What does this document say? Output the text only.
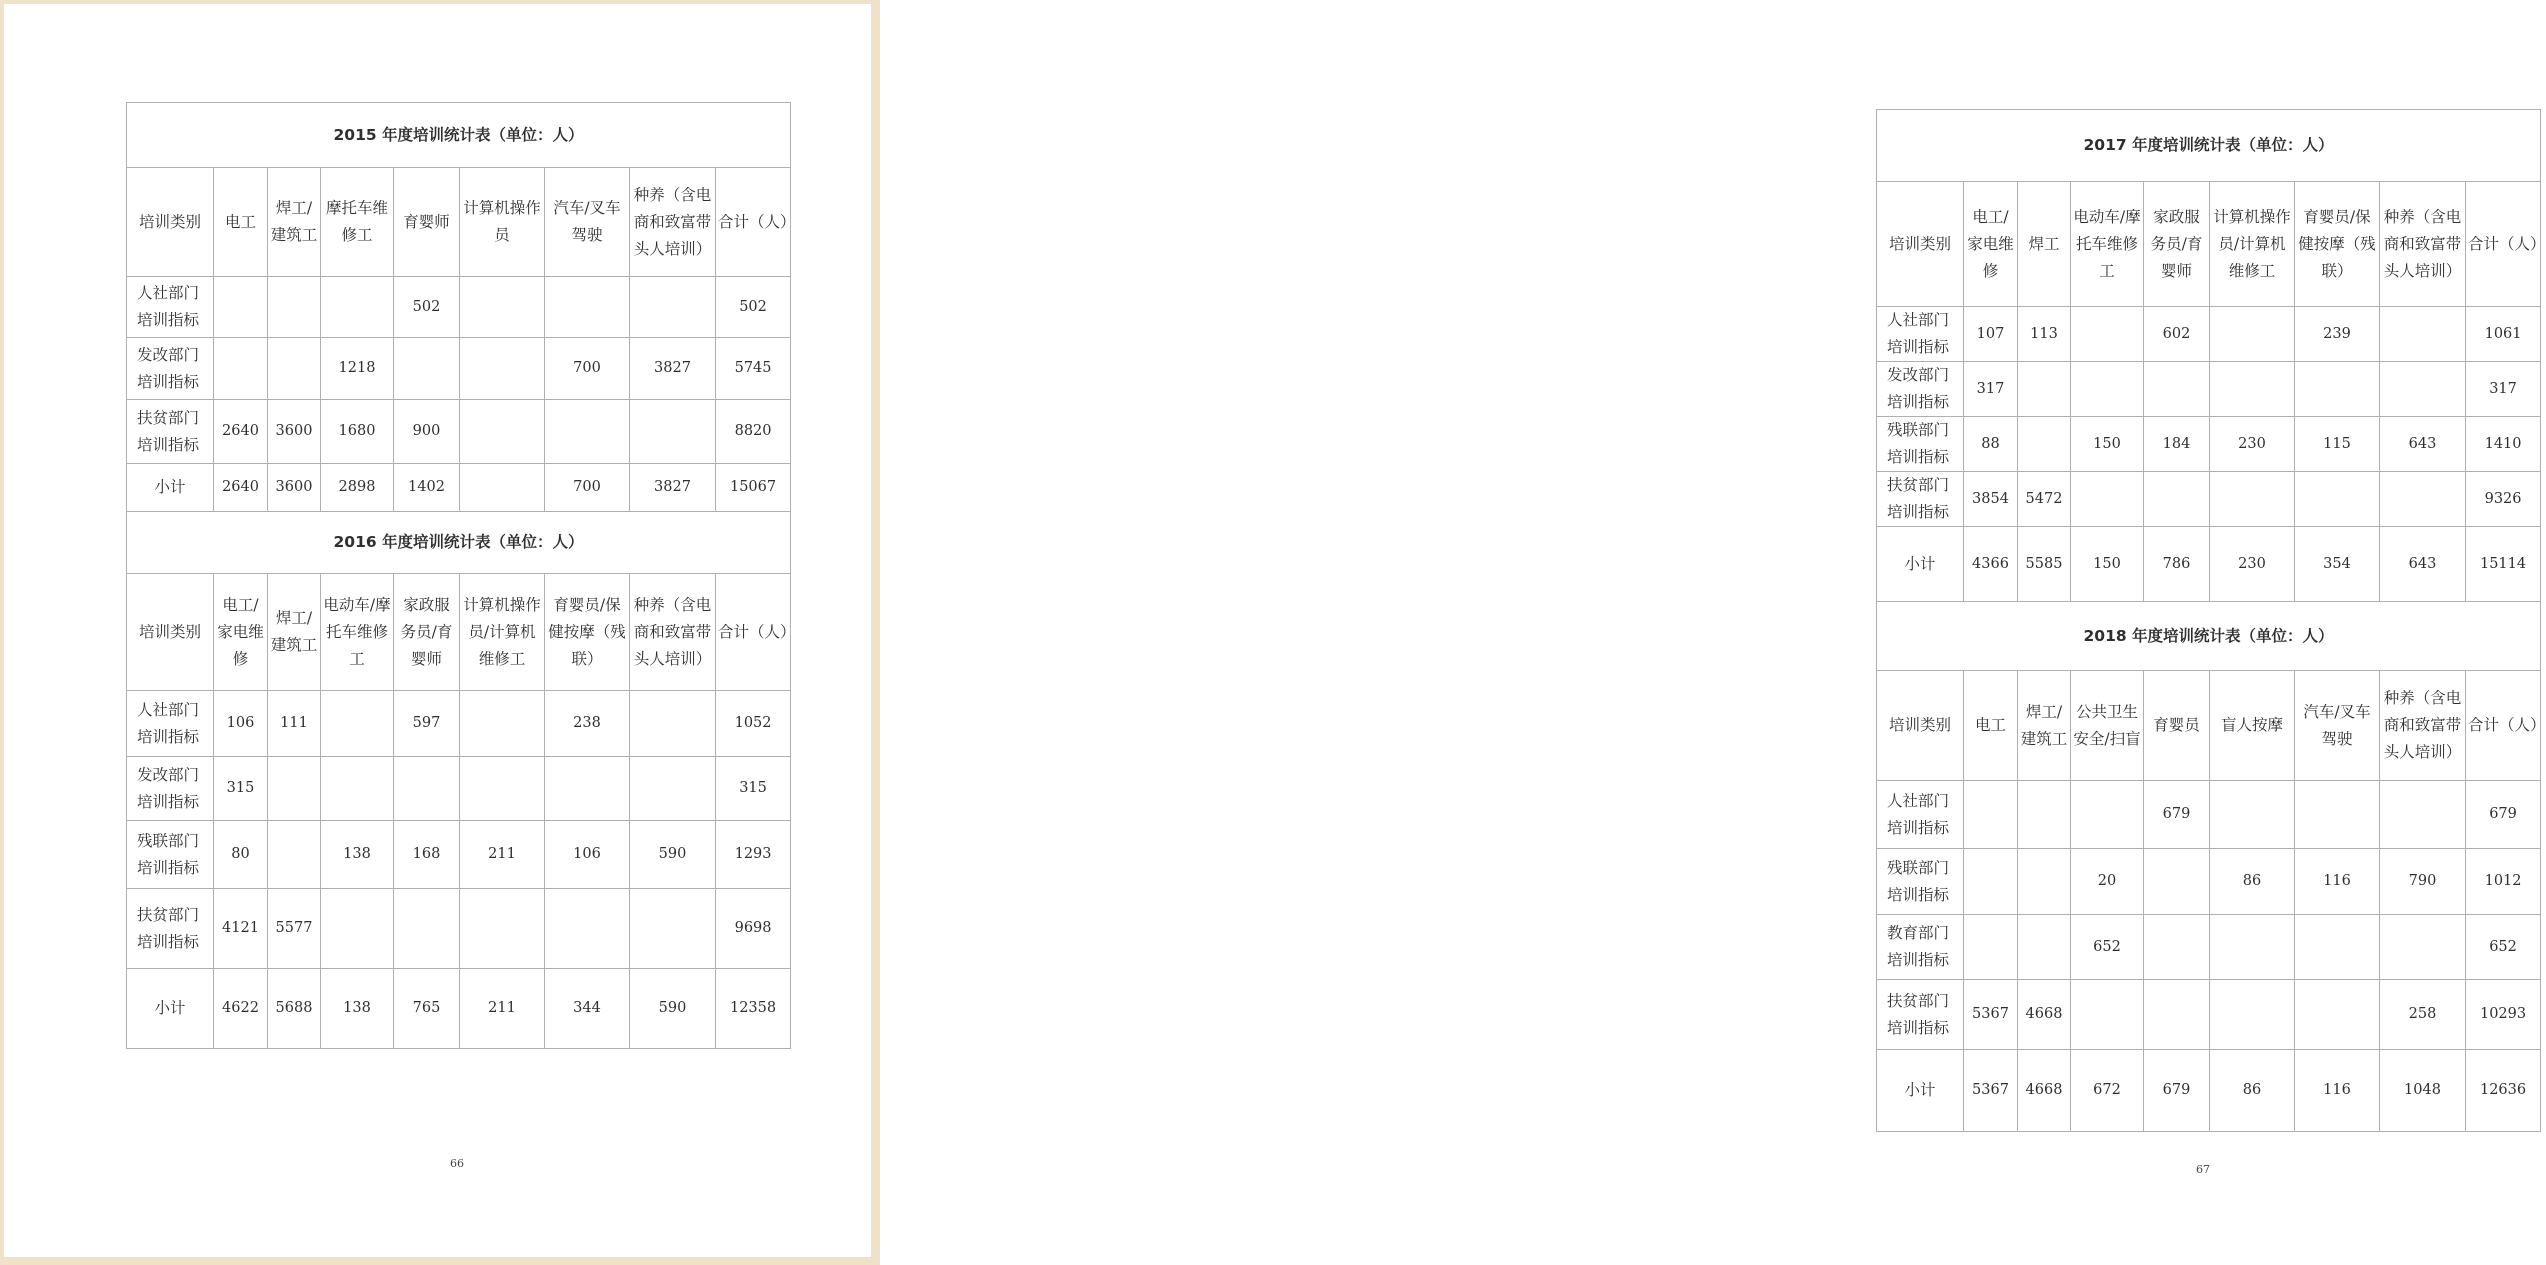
2015 年度培训统计表（单位：人）								
培训类别	电工	焊工/建筑工	摩托车维修工	育婴师	计算机操作员	汽车/叉车驾驶	种养（含电商和致富带头人培训）	合计（人）
人社部门培训指标				502				502
发改部门培训指标			1218			700	3827	5745
扶贫部门培训指标	2640	3600	1680	900				8820
小计	2640	3600	2898	1402		700	3827	15067
2016 年度培训统计表（单位：人）								
培训类别	电工/家电维修	焊工/建筑工	电动车/摩托车维修工	家政服务员/育婴师	计算机操作员/计算机维修工	育婴员/保健按摩（残联）	种养（含电商和致富带头人培训）	合计（人）
人社部门培训指标	106	111		597		238		1052
发改部门培训指标	315							315
残联部门培训指标	80		138	168	211	106	590	1293
扶贫部门培训指标	4121	5577						9698
小计	4622	5688	138	765	211	344	590	12358
66
2017 年度培训统计表（单位：人）								
培训类别	电工/家电维修	焊工	电动车/摩托车维修工	家政服务员/育婴师	计算机操作员/计算机维修工	育婴员/保健按摩（残联）	种养（含电商和致富带头人培训）	合计（人）
人社部门培训指标	107	113		602		239		1061
发改部门培训指标	317							317
残联部门培训指标	88		150	184	230	115	643	1410
扶贫部门培训指标	3854	5472						9326
小计	4366	5585	150	786	230	354	643	15114
2018 年度培训统计表（单位：人）								
培训类别	电工	焊工/建筑工	公共卫生安全/扫盲	育婴员	盲人按摩	汽车/叉车驾驶	种养（含电商和致富带头人培训）	合计（人）
人社部门培训指标				679				679
残联部门培训指标			20		86	116	790	1012
教育部门培训指标			652					652
扶贫部门培训指标	5367	4668					258	10293
小计	5367	4668	672	679	86	116	1048	12636
67
